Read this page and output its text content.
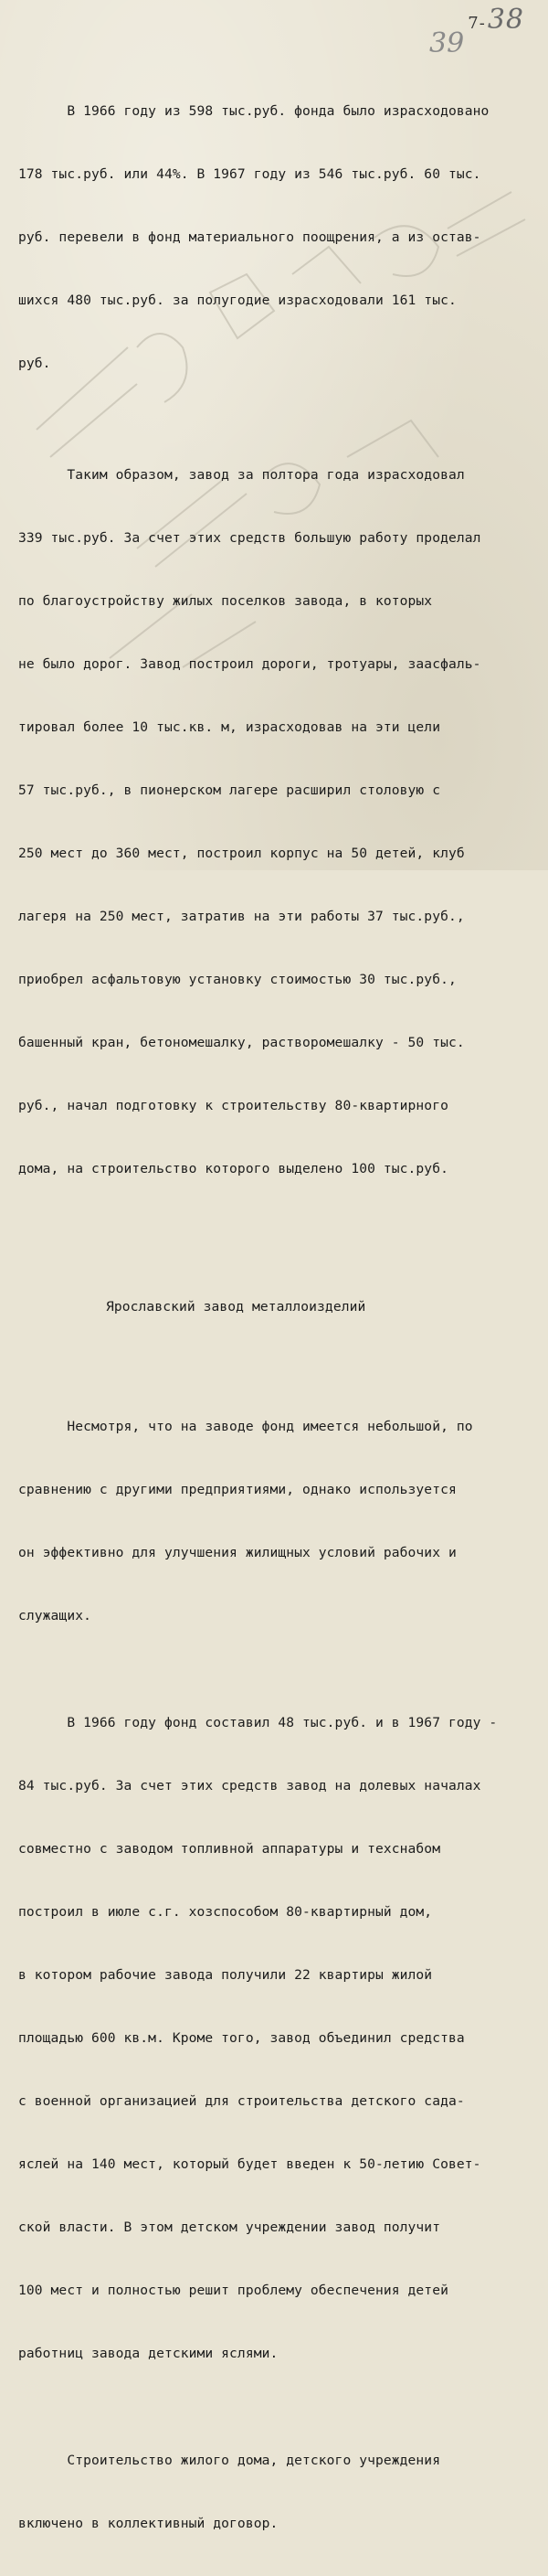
7-38
39

В 1966 году из 598 тыс.руб. фонда было израсходовано

178 тыс.руб. или 44%. В 1967 году из 546 тыс.руб. 60 тыс.

руб. перевели в фонд материального поощрения, а из остав-

шихся 480 тыс.руб. за полугодие израсходовали 161 тыс.

руб.

Таким образом, завод за полтора года израсходовал

339 тыс.руб. За счет этих средств большую работу проделал

по благоустройству жилых поселков завода, в которых

не было дорог. Завод построил дороги, тротуары, заасфаль-

тировал более 10 тыс.кв. м, израсходовав на эти цели

57 тыс.руб., в пионерском лагере расширил столовую с

250 мест до 360 мест, построил корпус на 50 детей, клуб

лагеря на 250 мест, затратив на эти работы 37 тыс.руб.,

приобрел асфальтовую установку стоимостью 30 тыс.руб.,

башенный кран, бетономешалку, растворомешалку - 50 тыс.

руб., начал подготовку к строительству 80-квартирного

дома, на строительство которого выделено 100 тыс.руб.

Ярославский завод металлоизделий

Несмотря, что на заводе фонд имеется небольшой, по

сравнению с другими предприятиями, однако используется

он эффективно для улучшения жилищных условий рабочих и

служащих.

В 1966 году фонд составил 48 тыс.руб. и в 1967 году -

84 тыс.руб. За счет этих средств завод на долевых началах

совместно с заводом топливной аппаратуры и техснабом

построил в июле с.г. хозспособом 80-квартирный дом,

в котором рабочие завода получили 22 квартиры жилой

площадью 600 кв.м. Кроме того, завод объединил средства

с военной организацией для строительства детского сада-

яслей на 140 мест, который будет введен к 50-летию Совет-

ской власти. В этом детском учреждении завод получит

100 мест и полностью решит проблему обеспечения детей

работниц завода детскими яслями.

Строительство жилого дома, детского учреждения

включено в коллективный договор.
